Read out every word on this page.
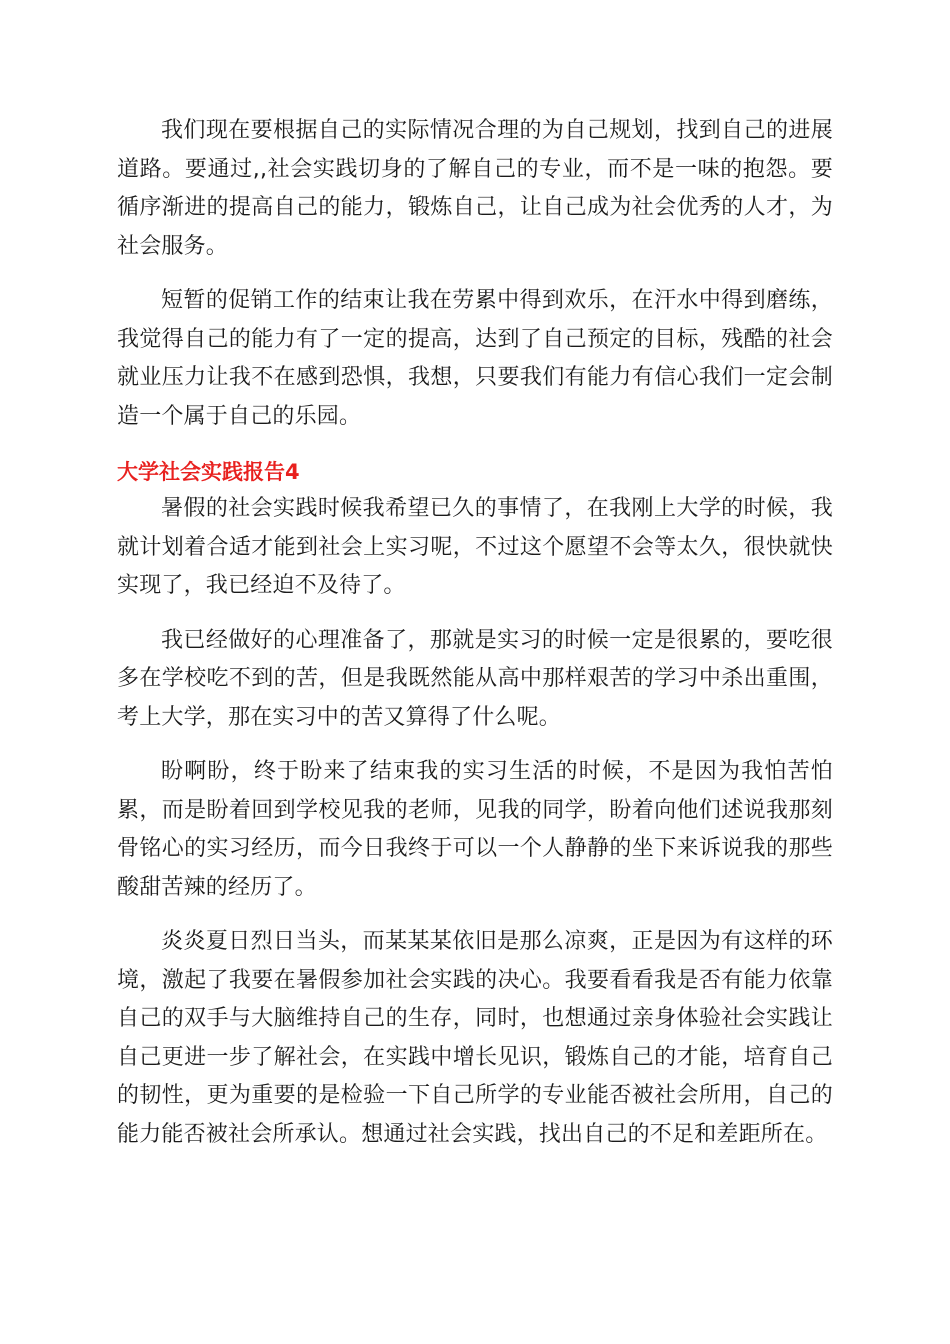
我们现在要根据自己的实际情况合理的为自己规划，找到自己的进展道路。要通过,,社会实践切身的了解自己的专业，而不是一味的抱怨。要循序渐进的提高自己的能力，锻炼自己，让自己成为社会优秀的人才，为社会服务。

短暂的促销工作的结束让我在劳累中得到欢乐，在汗水中得到磨练，我觉得自己的能力有了一定的提高，达到了自己预定的目标，残酷的社会就业压力让我不在感到恐惧，我想，只要我们有能力有信心我们一定会制造一个属于自己的乐园。

大学社会实践报告4

暑假的社会实践时候我希望已久的事情了，在我刚上大学的时候，我就计划着合适才能到社会上实习呢，不过这个愿望不会等太久，很快就快实现了，我已经迫不及待了。

我已经做好的心理准备了，那就是实习的时候一定是很累的，要吃很多在学校吃不到的苦，但是我既然能从高中那样艰苦的学习中杀出重围，考上大学，那在实习中的苦又算得了什么呢。

盼啊盼，终于盼来了结束我的实习生活的时候，不是因为我怕苦怕累，而是盼着回到学校见我的老师，见我的同学，盼着向他们述说我那刻骨铭心的实习经历，而今日我终于可以一个人静静的坐下来诉说我的那些酸甜苦辣的经历了。

炎炎夏日烈日当头，而某某某依旧是那么凉爽，正是因为有这样的环境，激起了我要在暑假参加社会实践的决心。我要看看我是否有能力依靠自己的双手与大脑维持自己的生存，同时，也想通过亲身体验社会实践让自己更进一步了解社会，在实践中增长见识，锻炼自己的才能，培育自己的韧性，更为重要的是检验一下自己所学的专业能否被社会所用，自己的能力能否被社会所承认。想通过社会实践，找出自己的不足和差距所在。
